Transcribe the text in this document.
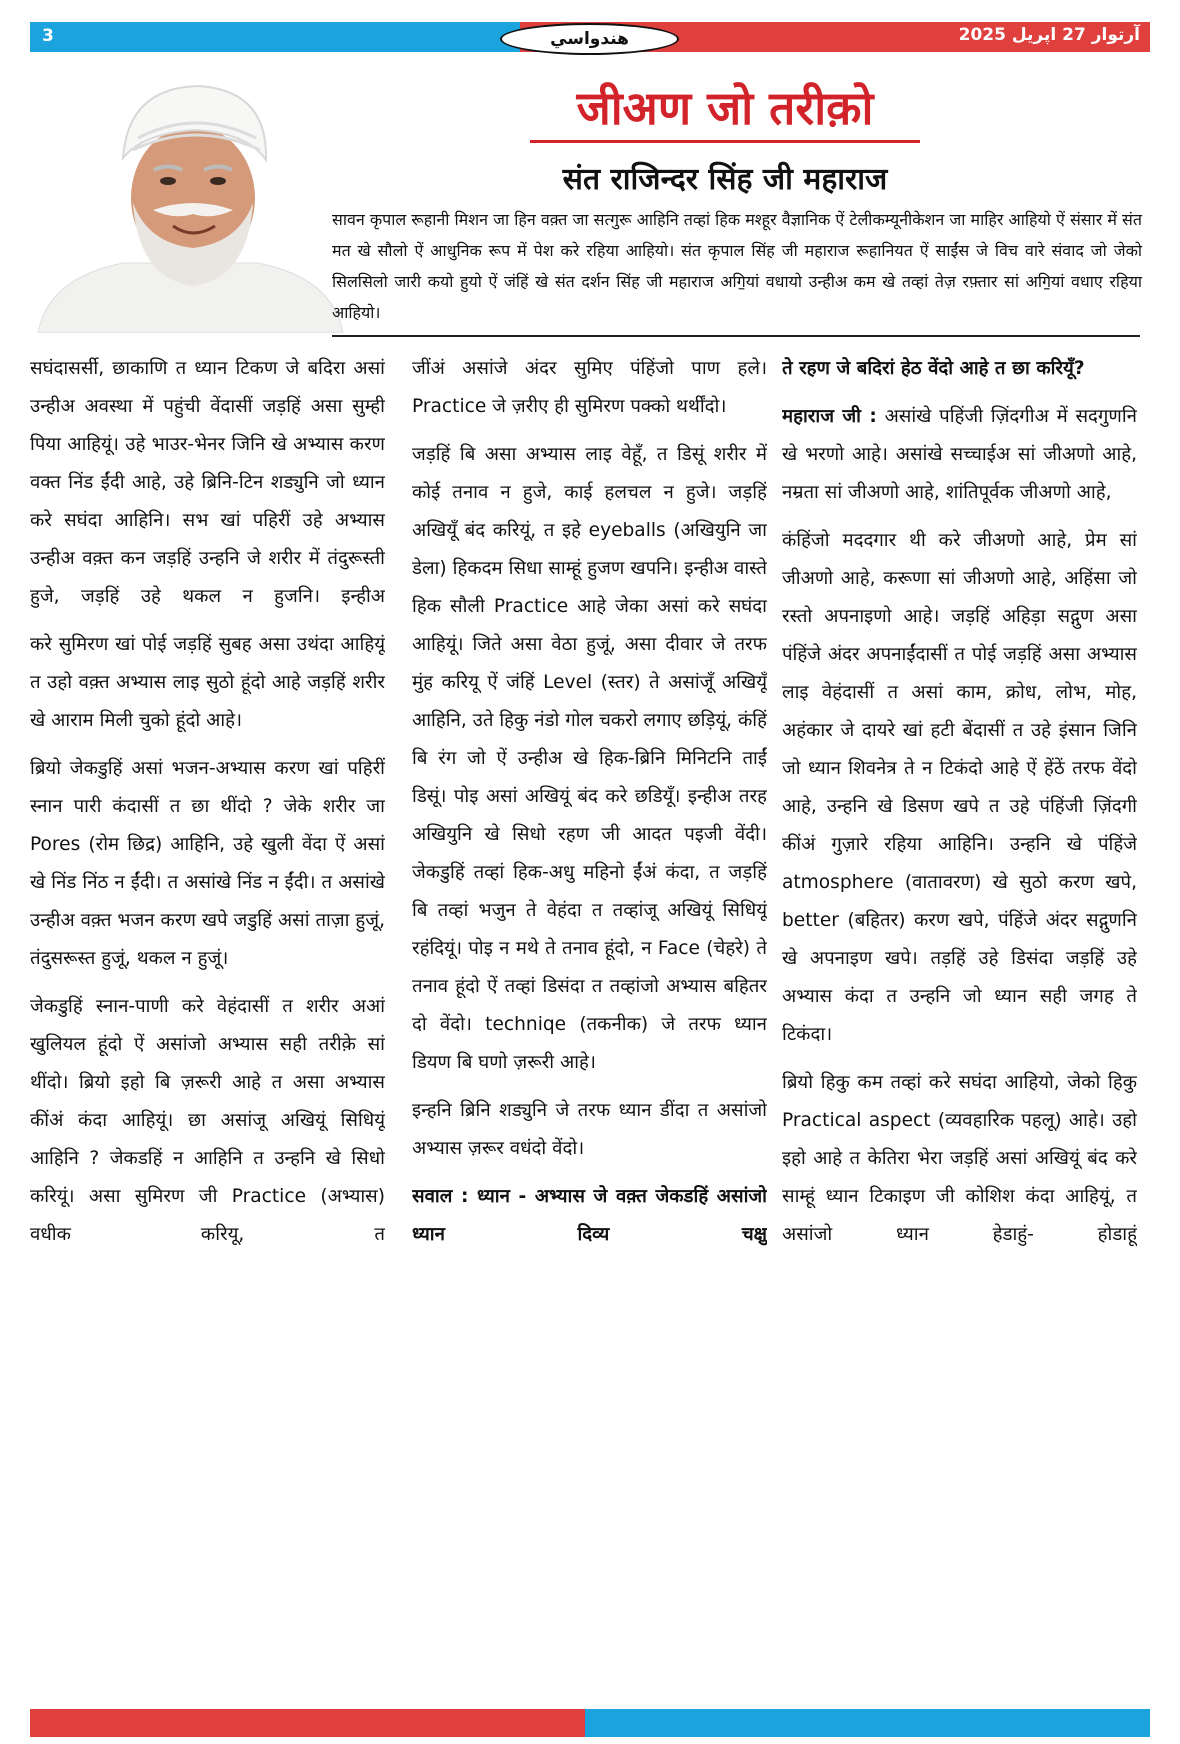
3	هندواسي	آرتوار 27 اپريل 2025
जीअण जो तरीक़ो
संत राजिन्दर सिंह जी महाराज
सावन कृपाल रूहानी मिशन जा हिन वक़्त जा सत्गुरू आहिनि तव्हां हिक मश्हूर वैज्ञानिक ऐं टेलीकम्यूनीकेशन जा माहिर आहियो ऐं संसार में संत मत खे सौलो ऐं आधुनिक रूप में पेश करे रहिया आहियो। संत कृपाल सिंह जी महाराज रूहानियत ऐं साईंस जे विच वारे संवाद जो जेको सिलसिलो जारी कयो हुयो ऐं जंहिं खे संत दर्शन सिंह जी महाराज अगि॒यां वधायो उन्हीअ कम खे तव्हां तेज़ रफ़्तार सां अगि॒यां वधाए रहिया आहियो।

सघंदासर्सी, छाकाणि त ध्यान टिकण जे बदिरा असां उन्हीअ अवस्था में पहुंची वेंदासीं जड़हिं असा सुम्ही पिया आहियूं। उहे भाउर-भेनर जिनि खे अभ्यास करण वक्त निंड ईंदी आहे, उहे ब्रिनि-टिन शड्युनि जो ध्यान करे सघंदा आहिनि। सभ खां पहिरीं उहे अभ्यास उन्हीअ वक़्त कन जड़हिं उन्हनि जे शरीर में तंदुरूस्ती हुजे, जड़हिं उहे थकल न हुजनि। इन्हीअ

करे सुमिरण खां पोई जड़हिं सुबह असा उथंदा आहियूं त उहो वक़्त अभ्यास लाइ सुठो हूंदो आहे जड़हिं शरीर खे आराम मिली चुको हूंदो आहे।

ब्रियो जेकडुहिं असां भजन-अभ्यास करण खां पहिरीं स्नान पारी कंदासीं त छा थींदो ? जेके शरीर जा Pores (रोम छिद्र) आहिनि, उहे खुली वेंदा ऐं असां खे निंड निंठ न ईंदी। त असांखे निंड न ईंदी। त असांखे उन्हीअ वक़्त भजन करण खपे जडुहिं असां ताज़ा हुजूं, तंदुसरूस्त हुजूं, थकल न हुजूं।

जेकडुहिं स्नान-पाणी करे वेहंदासीं त शरीर अआं खुलियल हूंदो ऐं असांजो अभ्यास सही तरीक़े सां थींदो। ब्रियो इहो बि ज़रूरी आहे त असा अभ्यास कींअं कंदा आहियूं। छा असांजू अखियूं सिधियूं आहिनि ? जेकडहिं न आहिनि त उन्हनि खे सिधो करियूं। असा सुमिरण जी Practice (अभ्यास) वधीक करियू, त

जींअं असांजे अंदर सुमिए पंहिंजो पाण हले। Practice जे ज़रीए ही सुमिरण पक्को थर्थींदो।

जड़हिं बि असा अभ्यास लाइ वेहूँ, त डिसूं शरीर में कोई तनाव न हुजे, काई हलचल न हुजे। जड़हिं अखियूँ बंद करियूं, त इहे eyeballs (अखियुनि जा डेला) हिकदम सिधा साम्हूं हुजण खपनि। इन्हीअ वास्ते हिक सौली Practice आहे जेका असां करे सघंदा आहियूं। जिते असा वेठा हुजूं, असा दीवार जे तरफ मुंह करियू ऐं जंहिं Level (स्तर) ते असांजूँ अखियूँ आहिनि, उते हिकु नंडो गोल चकरो लगाए छड़ियूं, कंहिं बि रंग जो ऐं उन्हीअ खे हिक-ब्रिनि मिनिटनि ताईं डिसूं। पोइ असां अखियूं बंद करे छडियूँ। इन्हीअ तरह अखियुनि खे सिधो रहण जी आदत पइजी वेंदी। जेकडुहिं तव्हां हिक-अधु महिनो ईंअं कंदा, त जड़हिं बि तव्हां भजुन ते वेहंदा त तव्हांजू अखियूं सिधियूं रहंदियूं। पोइ न मथे ते तनाव हूंदो, न Face (चेहरे) ते तनाव हूंदो ऐं तव्हां डिसंदा त तव्हांजो अभ्यास बहितर दो वेंदो। techniqe (तकनीक) जे तरफ ध्यान डियण बि घणो ज़रूरी आहे।

इन्हनि ब्रिनि शड्युनि जे तरफ ध्यान डींदा त असांजो अभ्यास ज़रूर वधंदो वेंदो।

सवाल : ध्यान - अभ्यास जे वक़्त जेकडहिं असांजो ध्यान दिव्य चक्षु

ते रहण जे बदिरां हेठ वेंदो आहे त छा करियूँ?

महाराज जी : असांखे पहिंजी ज़िंदगीअ में सदगुणनि खे भरणो आहे। असांखे सच्चाईअ सां जीअणो आहे, नम्रता सां जीअणो आहे, शांतिपूर्वक जीअणो आहे,

कंहिंजो मददगार थी करे जीअणो आहे, प्रेम सां जीअणो आहे, करूणा सां जीअणो आहे, अहिंसा जो रस्तो अपनाइणो आहे। जड़हिं अहिड़ा सद्गुण असा पंहिंजे अंदर अपनाईंदासीं त पोई जड़हिं असा अभ्यास लाइ वेहंदासीं त असां काम, क्रोध, लोभ, मोह, अहंकार जे दायरे खां हटी बेंदासीं त उहे इंसान जिनि जो ध्यान शिवनेत्र ते न टिकंदो आहे ऐं हेंठें तरफ वेंदो आहे, उन्हनि खे डिसण खपे त उहे पंहिंजी ज़िंदगी कींअं गुज़ारे रहिया आहिनि। उन्हनि खे पंहिंजे atmosphere (वातावरण) खे सुठो करण खपे, better (बहितर) करण खपे, पंहिंजे अंदर सद्गुणनि खे अपनाइण खपे। तड़हिं उहे डिसंदा जड़हिं उहे अभ्यास कंदा त उन्हनि जो ध्यान सही जगह ते टिकंदा।

ब्रियो हिकु कम तव्हां करे सघंदा आहियो, जेको हिकु Practical aspect (व्यवहारिक पहलू) आहे। उहो इहो आहे त केतिरा भेरा जड़हिं असां अखियूं बंद करे साम्हूं ध्यान टिकाइण जी कोशिश कंदा आहियूं, त असांजो ध्यान हेडाहुं- होडाहूं
